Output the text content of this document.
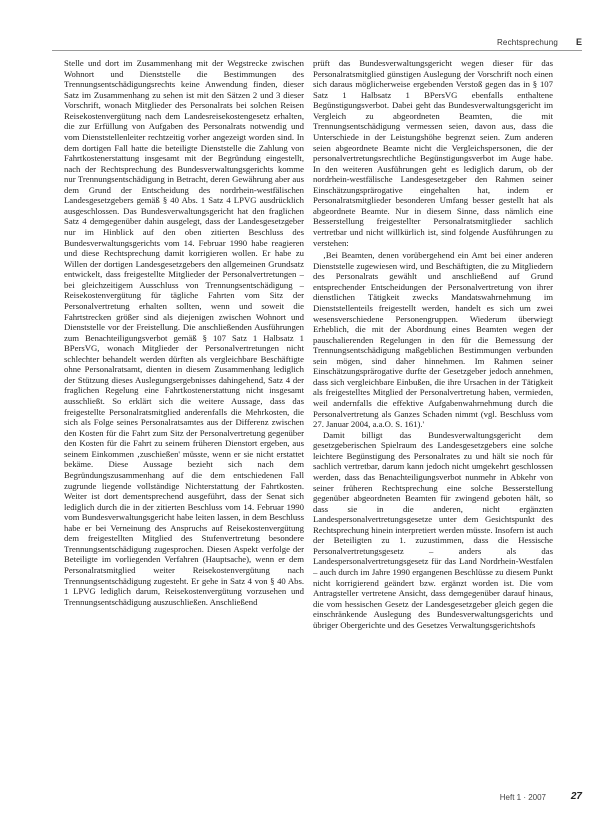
Rechtsprechung E

Stelle und dort im Zusammenhang mit der Wegstrecke zwischen Wohnort und Dienststelle die Bestimmungen des Trennungsentschädigungsrechts keine Anwendung finden, dieser Satz im Zusammenhang zu sehen ist mit den Sätzen 2 und 3 dieser Vorschrift, wonach Mitglieder des Personalrats bei solchen Reisen Reisekostenvergütung nach dem Landesreisekostengesetz erhalten, die zur Erfüllung von Aufgaben des Personalrats notwendig und vom Dienststellenleiter rechtzeitig vorher angezeigt worden sind. In dem dortigen Fall hatte die beteiligte Dienststelle die Zahlung von Fahrtkostenerstattung insgesamt mit der Begründung eingestellt, nach der Rechtsprechung des Bundesverwaltungsgerichts komme nur Trennungsentschädigung in Betracht, deren Gewährung aber aus dem Grund der Entscheidung des nordrhein-westfälischen Landesgesetzgebers gemäß § 40 Abs. 1 Satz 4 LPVG ausdrücklich ausgeschlossen. Das Bundesverwaltungsgericht hat den fraglichen Satz 4 demgegenüber dahin ausgelegt, dass der Landesgesetzgeber nur im Hinblick auf den oben zitierten Beschluss des Bundesverwaltungsgerichts vom 14. Februar 1990 habe reagieren und diese Rechtsprechung damit korrigieren wollen. Er habe zu Willen der dortigen Landesgesetzgebers den allgemeinen Grundsatz entwickelt, dass freigestellte Mitglieder der Personalvertretungen – bei gleichzeitigem Ausschluss von Trennungsentschädigung – Reisekostenvergütung für tägliche Fahrten vom Sitz der Personalvertretung erhalten sollten, wenn und soweit die Fahrtstrecken größer sind als diejenigen zwischen Wohnort und Dienststelle vor der Freistellung. Die anschließenden Ausführungen zum Benachteiligungsverbot gemäß § 107 Satz 1 Halbsatz 1 BPersVG, wonach Mitglieder der Personalvertretungen nicht schlechter behandelt werden dürften als vergleichbare Beschäftigte ohne Personalratsamt, dienten in diesem Zusammenhang lediglich der Stützung dieses Auslegungsergebnisses dahingehend, Satz 4 der fraglichen Regelung eine Fahrtkostenerstattung nicht insgesamt ausschließt. So erklärt sich die weitere Aussage, dass das freigestellte Personalratsmitglied anderenfalls die Mehrkosten, die sich als Folge seines Personalratsamtes aus der Differenz zwischen den Kosten für die Fahrt zum Sitz der Personalvertretung gegenüber den Kosten für die Fahrt zu seinem früheren Dienstort ergeben, aus seinem Einkommen ‚zuschießen' müsste, wenn er sie nicht erstattet bekäme. Diese Aussage bezieht sich nach dem Begründungszusammenhang auf die dem entschiedenen Fall zugrunde liegende vollständige Nichterstattung der Fahrtkosten. Weiter ist dort dementsprechend ausgeführt, dass der Senat sich lediglich durch die in der zitierten Beschluss vom 14. Februar 1990 vom Bundesverwaltungsgericht habe leiten lassen, in dem Beschluss habe er bei Verneinung des Anspruchs auf Reisekostenvergütung dem freigestellten Mitglied des Stufenvertretung besondere Trennungsentschädigung zugesprochen. Diesen Aspekt verfolge der Beteiligte im vorliegenden Verfahren (Hauptsache), wenn er dem Personalratsmitglied weiter Reisekostenvergütung nach Trennungsentschädigung zugesteht. Er gehe in Satz 4 von § 40 Abs. 1 LPVG lediglich darum, Reisekostenvergütung vorzusehen und Trennungsentschädigung auszuschließen. Anschließend

prüft das Bundesverwaltungsgericht wegen dieser für das Personalratsmitglied günstigen Auslegung der Vorschrift noch einen sich daraus möglicherweise ergebenden Verstoß gegen das in § 107 Satz 1 Halbsatz 1 BPersVG ebenfalls enthaltene Begünstigungsverbot. Dabei geht das Bundesverwaltungsgericht im Vergleich zu abgeordneten Beamten, die mit Trennungsentschädigung vermessen seien, davon aus, dass die Unterschiede in der Leistungshöhe begrenzt seien. Zum anderen seien abgeordnete Beamte nicht die Vergleichspersonen, die der personalvertretungsrechtliche Begünstigungsverbot im Auge habe. In den weiteren Ausführungen geht es lediglich darum, ob der nordrhein-westfälische Landesgesetzgeber den Rahmen seiner Einschätzungsprärogative eingehalten hat, indem er Personalratsmitglieder besonderen Umfang besser gestellt hat als abgeordnete Beamte. Nur in diesem Sinne, dass nämlich eine Besserstellung freigestellter Personalratsmitglieder sachlich vertretbar und nicht willkürlich ist, sind folgende Ausführungen zu verstehen:

‚Bei Beamten, denen vorübergehend ein Amt bei einer anderen Dienststelle zugewiesen wird, und Beschäftigten, die zu Mitgliedern des Personalrats gewählt und anschließend auf Grund entsprechender Entscheidungen der Personalvertretung von ihrer dienstlichen Tätigkeit zwecks Mandatswahrnehmung im Dienststellenteils freigestellt werden, handelt es sich um zwei wesensverschiedene Personengruppen. Wiederum überwiegt Erheblich, die mit der Abordnung eines Beamten wegen der pauschalierenden Regelungen in den für die Bemessung der Trennungsentschädigung maßgeblichen Bestimmungen verbunden sein mögen, sind daher hinnehmen. Im Rahmen seiner Einschätzungsprärogative durfte der Gesetzgeber jedoch annehmen, dass sich vergleichbare Einbußen, die ihre Ursachen in der Tätigkeit als freigestelltes Mitglied der Personalvertretung haben, vermieden, weil andernfalls die effektive Aufgabenwahrnehmung durch die Personalvertretung als Ganzes Schaden nimmt (vgl. Beschluss vom 27. Januar 2004, a.a.O. S. 161).'

Damit billigt das Bundesverwaltungsgericht dem gesetzgeberischen Spielraum des Landesgesetzgebers eine solche leichtere Begünstigung des Personalrates zu und hält sie noch für sachlich vertretbar, darum kann jedoch nicht umgekehrt geschlossen werden, dass das Benachteiligungsverbot nunmehr in Abkehr von seiner früheren Rechtsprechung eine solche Besserstellung gegenüber abgeordneten Beamten für zwingend geboten hält, so dass sie in die anderen, nicht ergänzten Landespersonalvertretungsgesetze unter dem Gesichtspunkt des Rechtsprechung hinein interpretiert werden müsste. Insofern ist auch der Beteiligten zu 1. zuzustimmen, dass die Hessische Personalvertretungsgesetz – anders als das Landespersonalvertretungsgesetz für das Land Nordrhein-Westfalen – auch durch im Jahre 1990 ergangenen Beschlüsse zu diesem Punkt nicht korrigierend geändert bzw. ergänzt worden ist. Die vom Antragsteller vertretene Ansicht, dass demgegenüber darauf hinaus, die vom hessischen Gesetz der Landesgesetzgeber gleich gegen die einschränkende Auslegung des Bundesverwaltungsgerichts und übriger Obergerichte und des Gesetzes Verwaltungsgerichtshofs

Heft 1 · 2007 27
